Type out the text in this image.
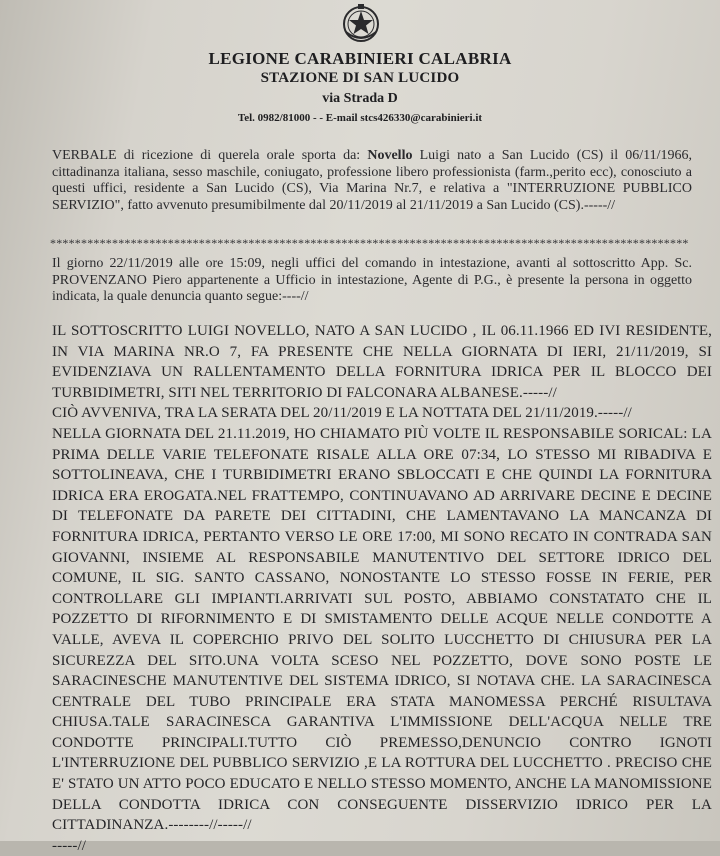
LEGIONE CARABINIERI CALABRIA
STAZIONE DI SAN LUCIDO
via Strada D
Tel. 0982/81000 - - E-mail stcs426330@carabinieri.it
VERBALE di ricezione di querela orale sporta da: Novello Luigi nato a San Lucido (CS) il 06/11/1966, cittadinanza italiana, sesso maschile, coniugato, professione libero professionista (farm.,perito ecc), conosciuto a questi uffici, residente a San Lucido (CS), Via Marina Nr.7, e relativa a "INTERRUZIONE PUBBLICO SERVIZIO", fatto avvenuto presumibilmente dal 20/11/2019 al 21/11/2019 a San Lucido (CS).-----//
*******************************************************************************************************
Il giorno 22/11/2019 alle ore 15:09, negli uffici del comando in intestazione, avanti al sottoscritto App. Sc. PROVENZANO Piero appartenente a Ufficio in intestazione, Agente di P.G., è presente la persona in oggetto indicata, la quale denuncia quanto segue:----//
IL SOTTOSCRITTO LUIGI NOVELLO, NATO A SAN LUCIDO , IL 06.11.1966 ED IVI RESIDENTE, IN VIA MARINA NR.O 7, FA PRESENTE CHE NELLA GIORNATA DI IERI, 21/11/2019, SI EVIDENZIAVA UN RALLENTAMENTO DELLA FORNITURA IDRICA PER IL BLOCCO DEI TURBIDIMETRI, SITI NEL TERRITORIO DI FALCONARA ALBANESE.-----//
CIÒ AVVENIVA, TRA LA SERATA DEL 20/11/2019 E LA NOTTATA DEL 21/11/2019.-----//
NELLA GIORNATA DEL 21.11.2019, HO CHIAMATO PIÙ VOLTE IL RESPONSABILE SORICAL: LA PRIMA DELLE VARIE TELEFONATE RISALE ALLA ORE 07:34, LO STESSO MI RIBADIVA E SOTTOLINEAVA, CHE I TURBIDIMETRI ERANO SBLOCCATI E CHE QUINDI LA FORNITURA IDRICA ERA EROGATA.NEL FRATTEMPO, CONTINUAVANO AD ARRIVARE DECINE E DECINE DI TELEFONATE DA PARETE DEI CITTADINI, CHE LAMENTAVANO LA MANCANZA DI FORNITURA IDRICA, PERTANTO VERSO LE ORE 17:00, MI SONO RECATO IN CONTRADA SAN GIOVANNI, INSIEME AL RESPONSABILE MANUTENTIVO DEL SETTORE IDRICO DEL COMUNE, IL SIG. SANTO CASSANO, NONOSTANTE LO STESSO FOSSE IN FERIE, PER CONTROLLARE GLI IMPIANTI.ARRIVATI SUL POSTO, ABBIAMO CONSTATATO CHE IL POZZETTO DI RIFORNIMENTO E DI SMISTAMENTO DELLE ACQUE NELLE CONDOTTE A VALLE, AVEVA IL COPERCHIO PRIVO DEL SOLITO LUCCHETTO DI CHIUSURA PER LA SICUREZZA DEL SITO.UNA VOLTA SCESO NEL POZZETTO, DOVE SONO POSTE LE SARACINESCHE MANUTENTIVE DEL SISTEMA IDRICO, SI NOTAVA CHE. LA SARACINESCA CENTRALE DEL TUBO PRINCIPALE ERA STATA MANOMESSA PERCHÉ RISULTAVA CHIUSA.TALE SARACINESCA GARANTIVA L'IMMISSIONE DELL'ACQUA NELLE TRE CONDOTTE PRINCIPALI.TUTTO CIÒ PREMESSO,DENUNCIO CONTRO IGNOTI L'INTERRUZIONE DEL PUBBLICO SERVIZIO ,E LA ROTTURA DEL LUCCHETTO . PRECISO CHE E' STATO UN ATTO POCO EDUCATO E NELLO STESSO MOMENTO, ANCHE LA MANOMISSIONE DELLA CONDOTTA IDRICA CON CONSEGUENTE DISSERVIZIO IDRICO PER LA CITTADINANZA.--------//-----//
-----//
